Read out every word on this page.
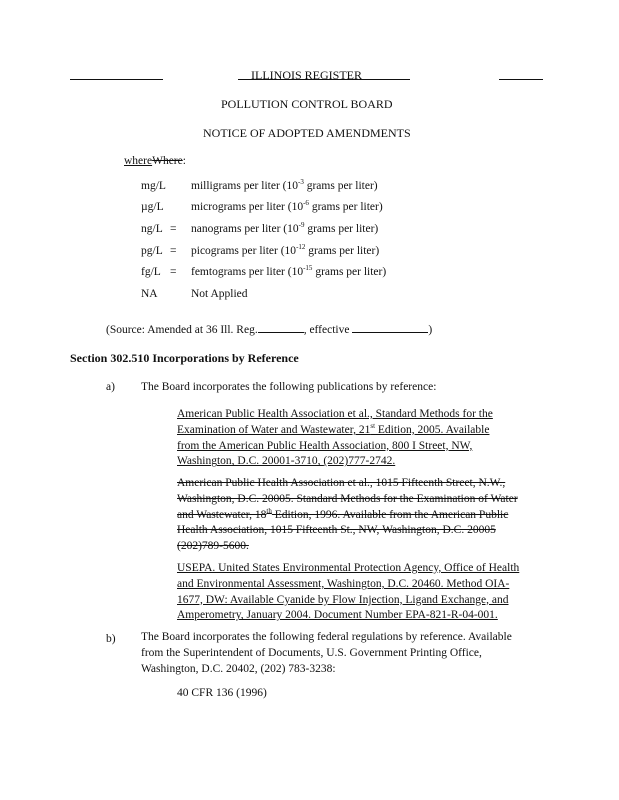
ILLINOIS REGISTER
POLLUTION CONTROL BOARD
NOTICE OF ADOPTED AMENDMENTS
whereWhere:
mg/L milligrams per liter ($10^{-3}$ grams per liter)
µg/L micrograms per liter ($10^{-6}$ grams per liter)
ng/L = nanograms per liter ($10^{-9}$ grams per liter)
pg/L = picograms per liter ($10^{-12}$ grams per liter)
fg/L = femtograms per liter ($10^{-15}$ grams per liter)
NA	Not Applied
(Source: Amended at 36 Ill. Reg.	, effective	)
Section 302.510 Incorporations by Reference
a) The Board incorporates the following publications by reference:
American Public Health Association et al., Standard Methods for the
Examination of Water and Wastewater, 21st Edition, 2005. Available
from the American Public Health Association, 800 I Street, NW,
Washington, D.C. 20001-3710, (202)777-2742.
American Public Health Association et al., 1015 Fifteenth Street, N.W.,
Washington, D.C. 20005. Standard Methods for the Examination of Water
and Wastewater, 18th Edition, 1996. Available from the American Public
Health Association, 1015 Fifteenth St., NW, Washington, D.C. 20005
(202)789-5600.
USEPA. United States Environmental Protection Agency, Office of Health
and Environmental Assessment, Washington, D.C. 20460. Method OIA-
1677, DW: Available Cyanide by Flow Injection, Ligand Exchange, and
Amperometry, January 2004. Document Number EPA-821-R-04-001.
b) The Board incorporates the following federal regulations by reference. Available
from the Superintendent of Documents, U.S. Government Printing Office,
Washington, D.C. 20402, (202) 783-3238:
40 CFR 136 (1996)
